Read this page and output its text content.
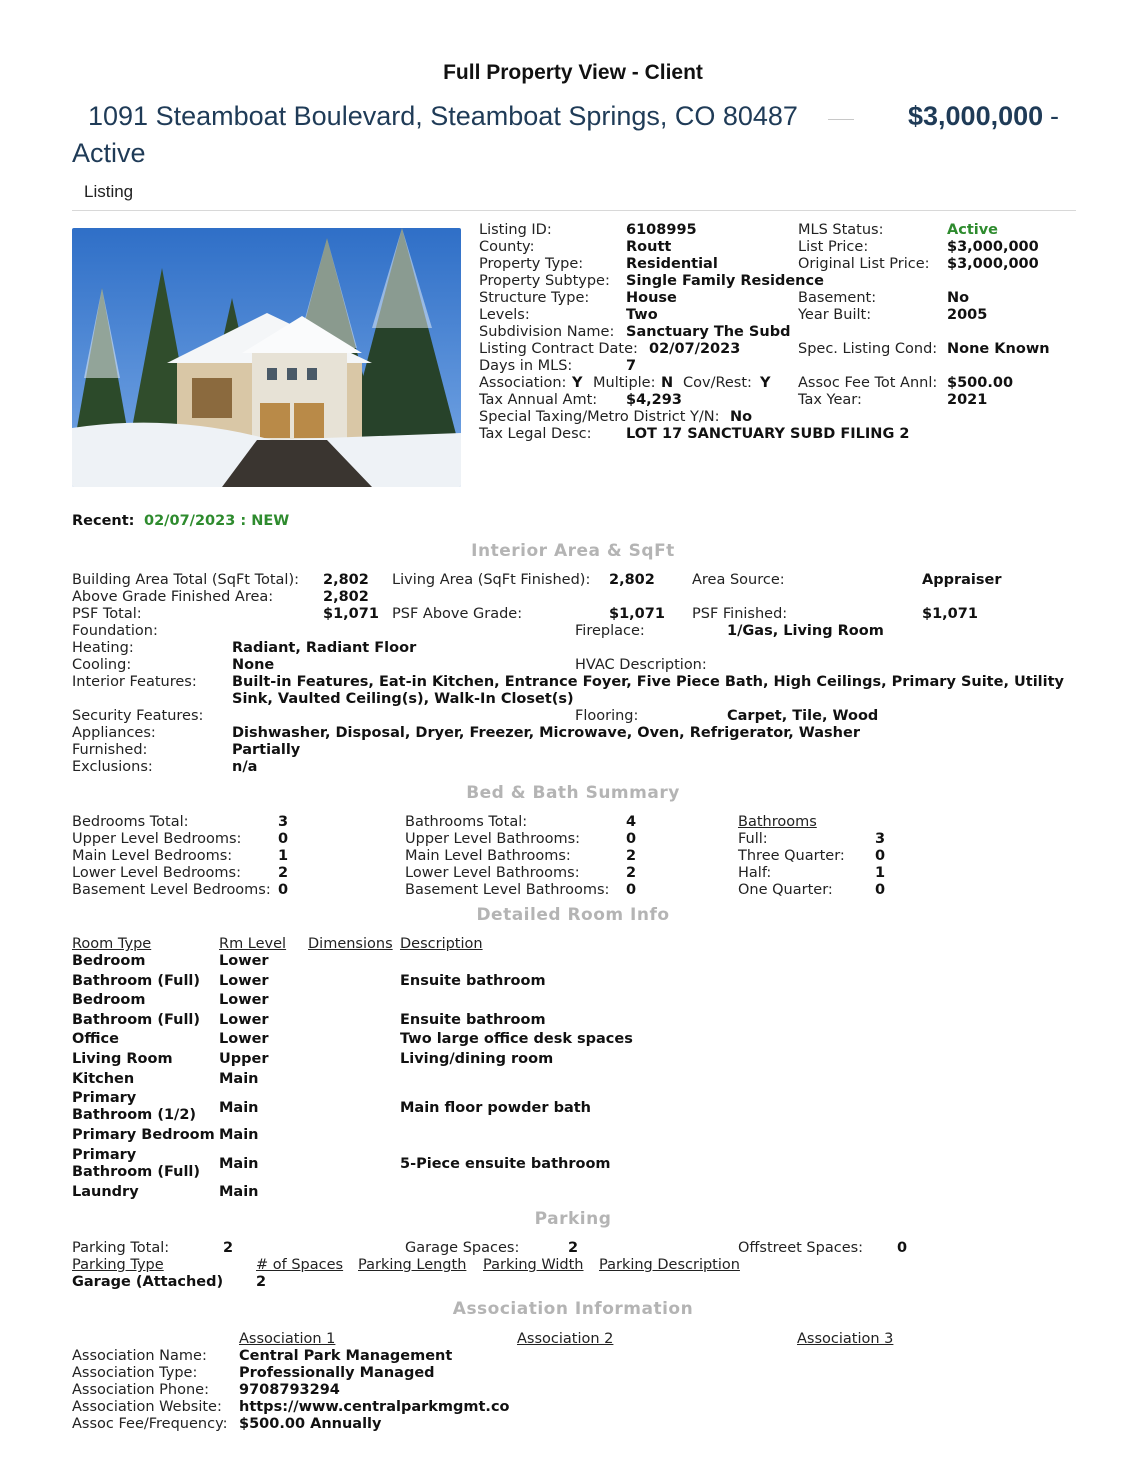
Full Property View - Client
1091 Steamboat Boulevard, Steamboat Springs, CO 80487	$3,000,000 -
Active
Listing
Listing ID:	6108995
County:	Routt
Property Type:	Residential
Property Subtype: Single Family Residence
Structure Type:	House
Levels:	Two
Subdivision Name: Sanctuary The Subd
Listing Contract Date: 02/07/2023
Days in MLS:	7
Association: Y Multiple: N Cov/Rest: Y
Tax Annual Amt: $4,293
Special Taxing/Metro District Y/N: No
Tax Legal Desc: LOT 17 SANCTUARY SUBD FILING 2
MLS Status:	Active
List Price:	$3,000,000
Original List Price: $3,000,000
Basement:	No
Year Built:	2005
Spec. Listing Cond: None Known
Assoc Fee Tot Annl: $500.00
Tax Year:	2021
Recent: 02/07/2023 : NEW
Interior Area & SqFt
Building Area Total (SqFt Total): 2,802 Living Area (SqFt Finished): 2,802	Area Source:	Appraiser
Above Grade Finished Area:	2,802
PSF Total:	$1,071 PSF Above Grade:	$1,071 PSF Finished:	$1,071
Foundation:	Fireplace:	1/Gas, Living Room
Heating:	Radiant, Radiant Floor
Cooling:	None	HVAC Description:
Interior Features: Built-in Features, Eat-in Kitchen, Entrance Foyer, Five Piece Bath, High Ceilings, Primary Suite, Utility
Sink, Vaulted Ceiling(s), Walk-In Closet(s)
Security Features:	Flooring:	Carpet, Tile, Wood
Appliances:	Dishwasher, Disposal, Dryer, Freezer, Microwave, Oven, Refrigerator, Washer
Furnished:	Partially
Exclusions:	n/a
Bed & Bath Summary
Bedrooms Total:	3
Upper Level Bedrooms:	0
Main Level Bedrooms:	1
Lower Level Bedrooms:	2
Basement Level Bedrooms: 0
Bathrooms Total:	4
Upper Level Bathrooms:	0
Main Level Bathrooms:	2
Lower Level Bathrooms:	2
Basement Level Bathrooms: 0
Bathrooms
Full:	3
Three Quarter: 0
Half:	1
One Quarter:	0
Detailed Room Info
Room Type	Rm Level Dimensions Description
Bedroom	Lower
Bathroom (Full) Lower	Ensuite bathroom
Bedroom	Lower
Bathroom (Full) Lower	Ensuite bathroom
Office	Lower	Two large office desk spaces
Living Room	Upper	Living/dining room
Kitchen	Main
Primary
Bathroom (1/2) Main	Main floor powder bath
Primary Bedroom Main
Primary
Bathroom (Full) Main	5-Piece ensuite bathroom
Laundry	Main
Parking
Parking Total:	2	Garage Spaces:	2	Offstreet Spaces: 0
Parking Type	# of Spaces Parking Length Parking Width Parking Description
Garage (Attached) 2
Association Information
Association 1	Association 2	Association 3
Association Name: Central Park Management
Association Type:	Professionally Managed
Association Phone: 9708793294
Association Website: https://www.centralparkmgmt.co
Assoc Fee/Frequency: $500.00 Annually
